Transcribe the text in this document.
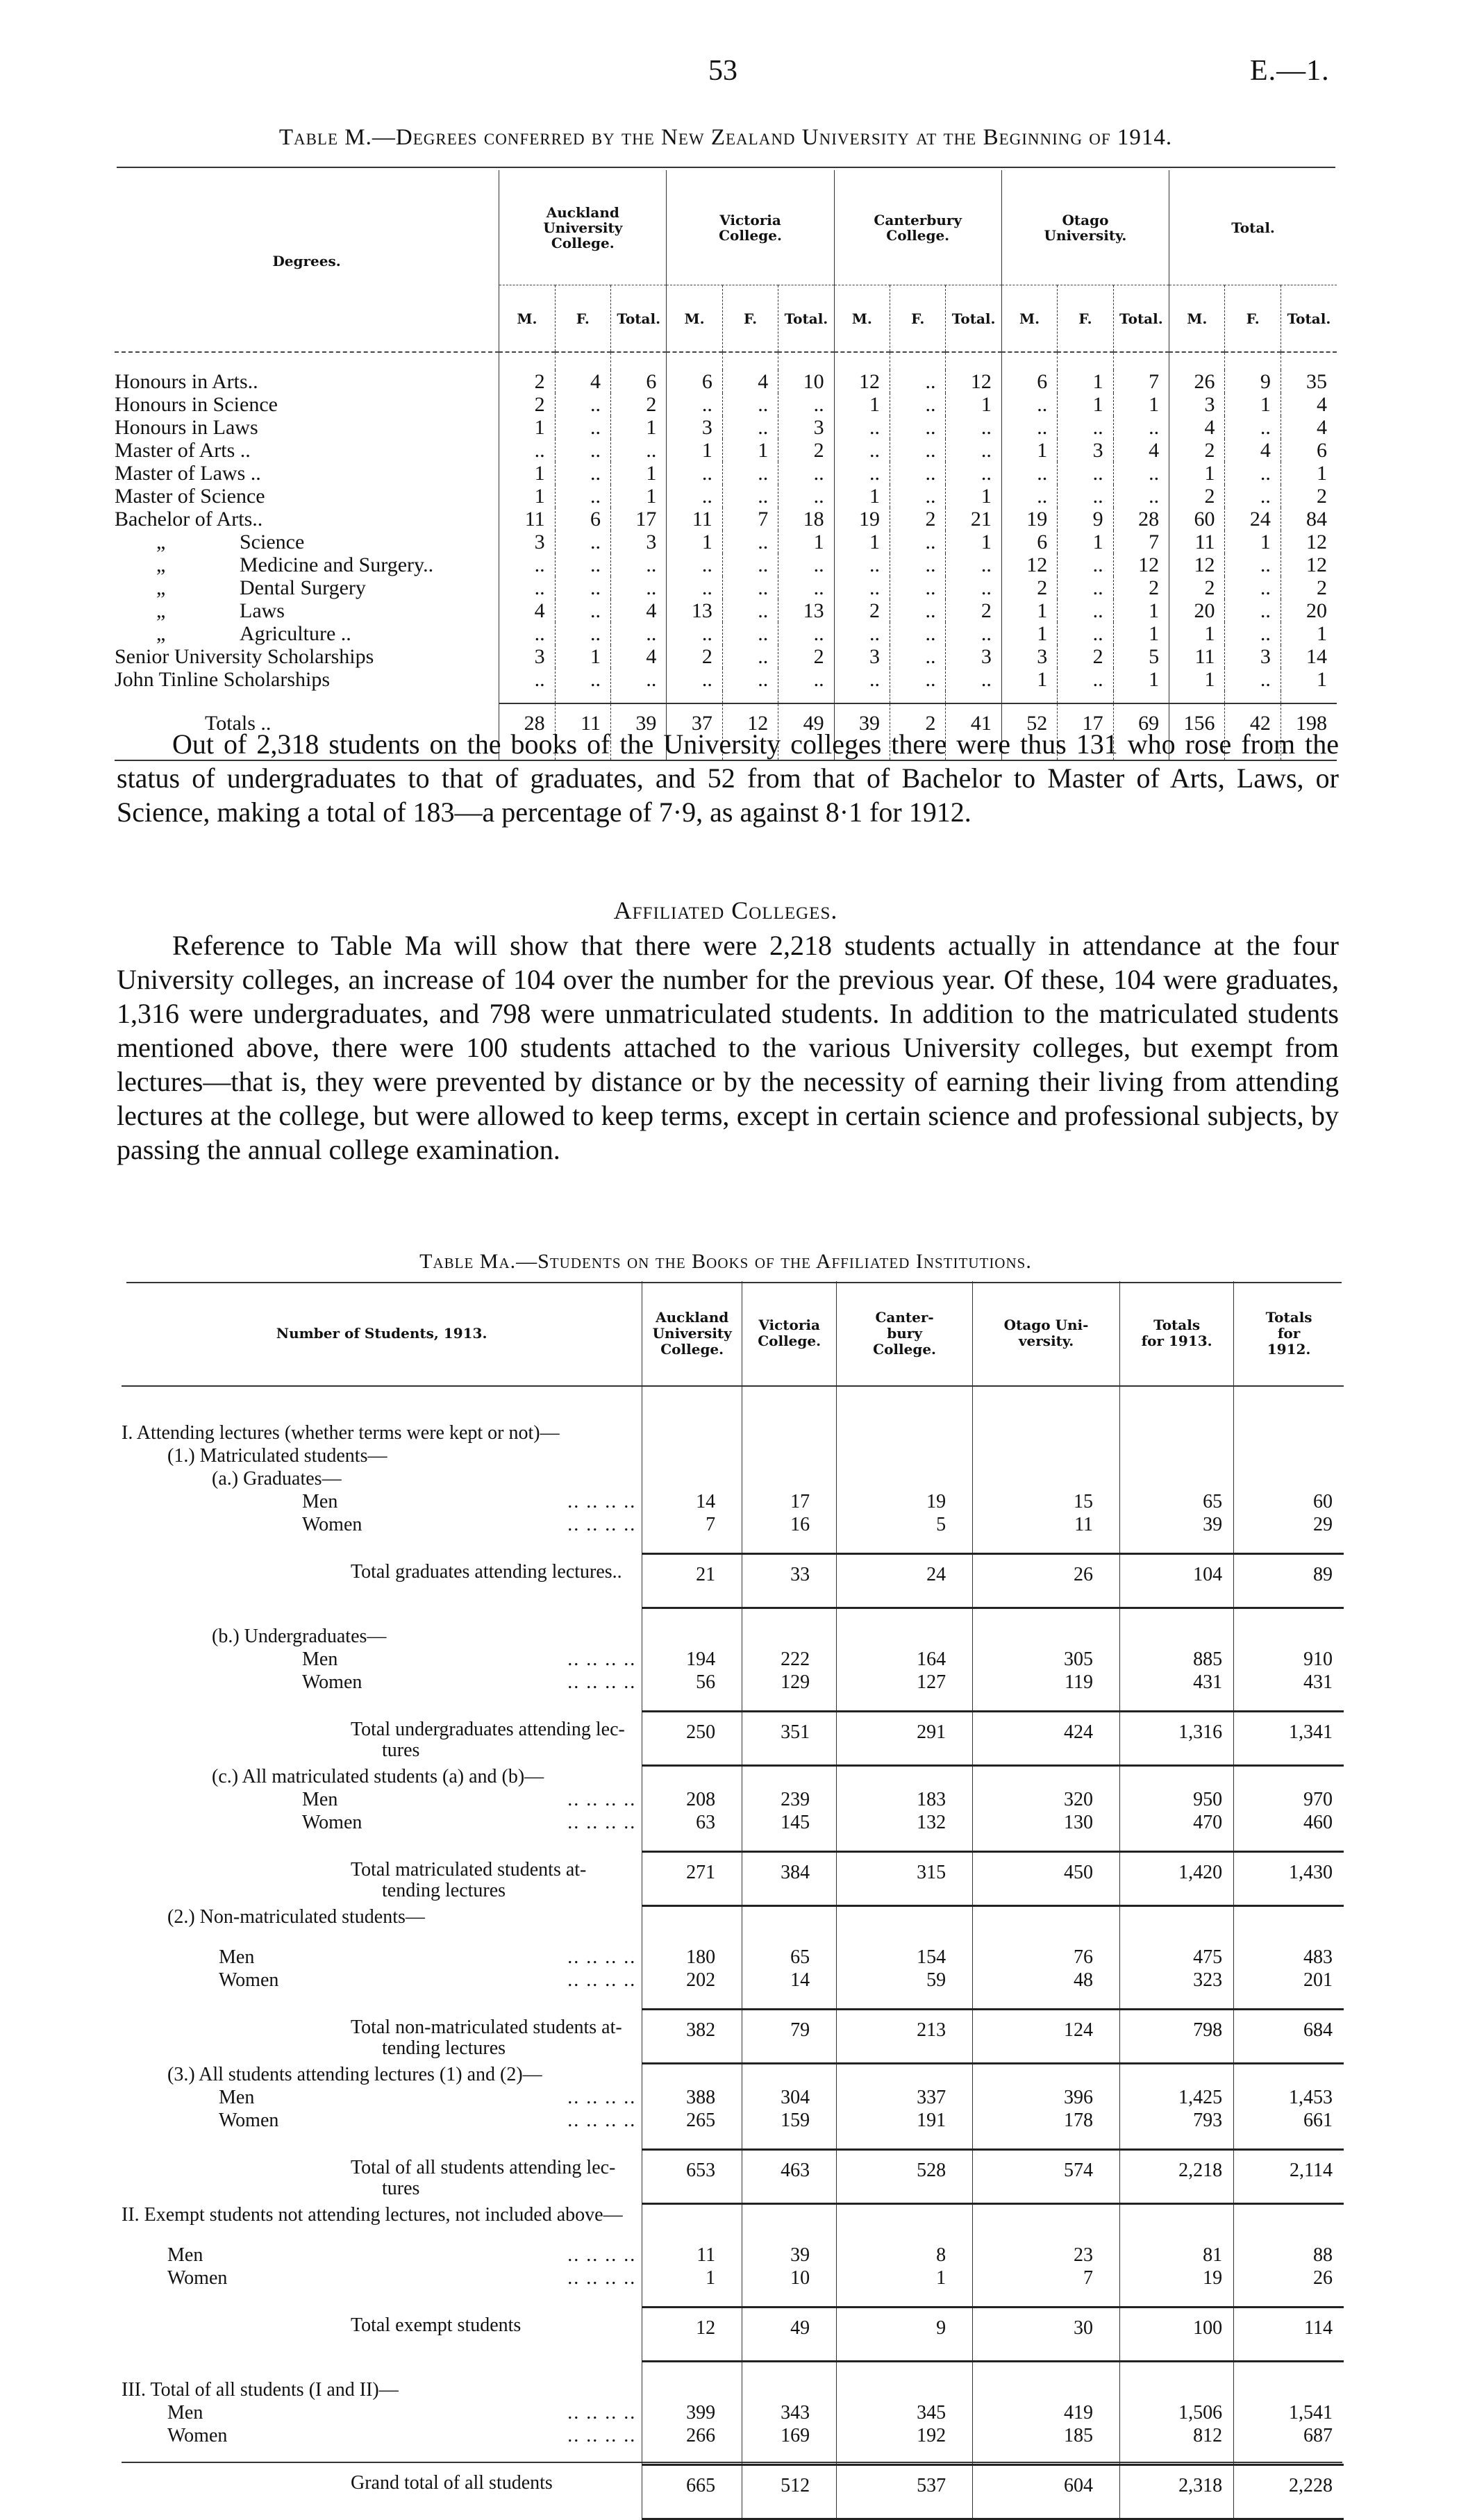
53	E.—1.
Table M.—Degrees conferred by the New Zealand University at the Beginning of 1914.
Degrees.	Auckland University College.			Victoria College.			Canterbury College.			Otago University.			Total.		
	M.	F.	Total.	M.	F.	Total.	M.	F.	Total.	M.	F.	Total.	M.	F.	Total.

Honours in Arts..	2	4	6	6	4	10	12	..	12	6	1	7	26	9	35

Honours in Science	2	..	2	..	..	..	1	..	1	..	1	1	3	1	4

Honours in Laws	1	..	1	3	..	3	..	..	..	..	..	..	4	..	4

Master of Arts ..	..	..	..	1	1	2	..	..	..	1	3	4	2	4	6

Master of Laws ..	1	..	1	..	..	..	..	..	..	..	..	..	1	..	1

Master of Science	1	..	1	..	..	..	1	..	1	..	..	..	2	..	2

Bachelor of Arts..	11	6	17	11	7	18	19	2	21	19	9	28	60	24	84

„ Science	3	..	3	1	..	1	1	..	1	6	1	7	11	1	12

„ Medicine and Surgery..	..	..	..	..	..	..	..	..	..	12	..	12	12	..	12

„ Dental Surgery	..	..	..	..	..	..	..	..	..	2	..	2	2	..	2

„ Laws	4	..	4	13	..	13	2	..	2	1	..	1	20	..	20

„ Agriculture ..	..	..	..	..	..	..	..	..	..	1	..	1	1	..	1

Senior University Scholarships	3	1	4	2	..	2	3	..	3	3	2	5	11	3	14

John Tinline Scholarships	..	..	..	..	..	..	..	..	..	1	..	1	1	..	1

Totals ..	28	11	39	37	12	49	39	2	41	52	17	69	156	42	198

Out of 2,318 students on the books of the University colleges there were thus 131 who rose from the status of undergraduates to that of graduates, and 52 from that of Bachelor to Master of Arts, Laws, or Science, making a total of 183—a percentage of 7·9, as against 8·1 for 1912.

Affiliated Colleges.

Reference to Table Ma will show that there were 2,218 students actually in attendance at the four University colleges, an increase of 104 over the number for the previous year. Of these, 104 were graduates, 1,316 were undergraduates, and 798 were unmatriculated students. In addition to the matriculated students mentioned above, there were 100 students attached to the various University colleges, but exempt from lectures—that is, they were prevented by distance or by the necessity of earning their living from attending lectures at the college, but were allowed to keep terms, except in certain science and professional subjects, by passing the annual college examination.

Table Ma.—Students on the Books of the Affiliated Institutions.
Number of Students, 1913.	Auckland University College.	Victoria College.	Canter- bury College.	Otago Uni- versity.	Totals for 1913.	Totals for 1912.

I. Attending lectures (whether terms were kept or not)—						

(1.) Matriculated students—						

(a.) Graduates—						

Men .. .. .. ..	14	17	19	15	65	60

Women .. .. .. ..	7	16	5	11	39	29

Total graduates attending lectures..	21	33	24	26	104	89

(b.) Undergraduates—						

Men .. .. .. ..	194	222	164	305	885	910

Women .. .. .. ..	56	129	127	119	431	431

Total undergraduates attending lec-
tures	250	351	291	424	1,316	1,341

(c.) All matriculated students (a) and (b)—						

Men .. .. .. ..	208	239	183	320	950	970

Women .. .. .. ..	63	145	132	130	470	460

Total matriculated students at-
tending lectures	271	384	315	450	1,420	1,430

(2.) Non-matriculated students—						

Men .. .. .. ..	180	65	154	76	475	483

Women .. .. .. ..	202	14	59	48	323	201

Total non-matriculated students at-
tending lectures	382	79	213	124	798	684

(3.) All students attending lectures (1) and (2)—						

Men .. .. .. ..	388	304	337	396	1,425	1,453

Women .. .. .. ..	265	159	191	178	793	661

Total of all students attending lec-
tures	653	463	528	574	2,218	2,114

II. Exempt students not attending lectures, not included above—						

Men .. .. .. ..	11	39	8	23	81	88

Women .. .. .. ..	1	10	1	7	19	26

Total exempt students	12	49	9	30	100	114

III. Total of all students (I and II)—						

Men .. .. .. ..	399	343	345	419	1,506	1,541

Women .. .. .. ..	266	169	192	185	812	687

Grand total of all students	665	512	537	604	2,318	2,228
